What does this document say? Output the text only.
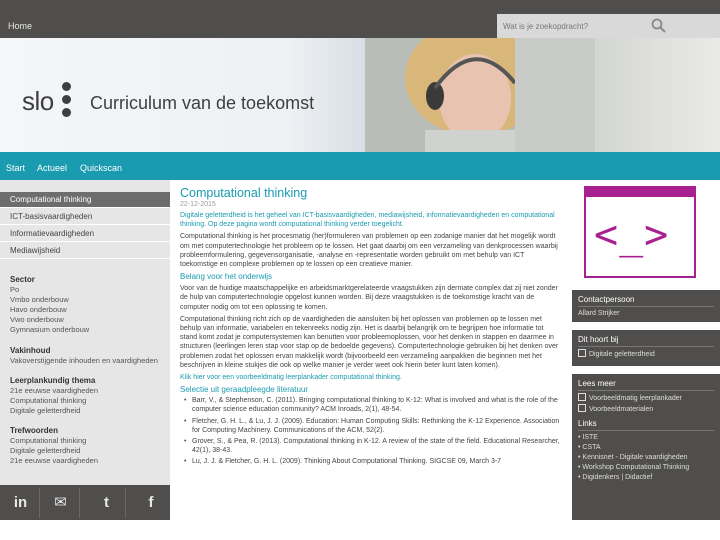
Home	Wat is je zoekopdracht?
slo Curriculum van de toekomst
Start Actueel Quickscan
Computational thinking
ICT-basisvaardigheden
Informatievaardigheden
Mediawijsheid
Sector
Po
Vmbo onderbouw
Havo onderbouw
Vwo onderbouw
Gymnasium onderbouw
Vakinhoud
Vakoverstijgende inhouden en vaardigheden
Leerplankundig thema
21e eeuwse vaardigheden
Computational thinking
Digitale geletterdheid
Trefwoorden
Computational thinking
Digitale geletterdheid
21e eeuwse vaardigheden
in	✉	t	f
Computational thinking
22-12-2015

Digitale geletterdheid is het geheel van ICT-basisvaardigheden, mediawijsheid, informatievaardigheden en computational thinking. Op deze pagina wordt computational thinking verder toegelicht.

Computational thinking is het procesmatig (her)formuleren van problemen op een zodanige manier dat het mogelijk wordt om met computertechnologie het probleem op te lossen. Het gaat daarbij om een verzameling van denkprocessen waarbij probleemformulering, gegevensorganisatie, -analyse en -representatie worden gebruikt om met behulp van ICT toekomstige en complexe problemen op te lossen op een creatieve manier.

Belang voor het onderwijs

Voor van de huidige maatschappelijke en arbeidsmarktgerelateerde vraagstukken zijn dermate complex dat zij niet zonder de hulp van computertechnologie opgelost kunnen worden. Bij deze vraagstukken is de toekomstige kracht van de computer nodig om tot een oplossing te komen.

Computational thinking richt zich op de vaardigheden die aansluiten bij het oplossen van problemen op te lossen met behulp van informatie, variabelen en tekenreeks nodig zijn. Het is daarbij belangrijk om te begrijpen hoe informatie tot stand komt zodat je computersystemen kan benutten voor probleemoplossen, voor het denken in stappen en daarmee in structuren (leerlingen leren stap voor stap op de bedoelde gegevens). Computertechnologie gebruiken bij het denken over problemen zodat het oplossen ervan makkelijk wordt (bijvoorbeeld een verzameling aanpakken die beginnen met het beschrijven in kleine stukjes die ook op welke manier je verder weet ook hierin beter kunt laten komen).

Klik hier voor een voorbeeldmatig leerplankader computational thinking.

Selectie uit geraadpleegde literatuur
• Barr, V., & Stephenson, C. (2011). Bringing computational thinking to K-12: What is involved and what is the role of the computer science education community? ACM Inroads, 2(1), 48-54.
• Fletcher, G. H. L., & Lu, J. J. (2009). Education: Human Computing Skills: Rethinking the K-12 Experience. Association for Computing Machinery. Communications of the ACM, 52(2).
• Grover, S., & Pea, R. (2013). Computational thinking in K-12. A review of the state of the field. Educational Researcher, 42(1), 38-43.
• Lu, J. J. & Fletcher, G. H. L. (2009). Thinking About Computational Thinking. SIGCSE 09, March 3-7
<_>
Contactpersoon
Allard Strijker
Dit hoort bij
Digitale geletterdheid
Lees meer
Voorbeeldmatig leerplankader
Voorbeeldmaterialen
Links
• ISTE
• CSTA
• Kennisnet - Digitale vaardigheden
• Workshop Computational Thinking
• Digidenkers | Didactief
